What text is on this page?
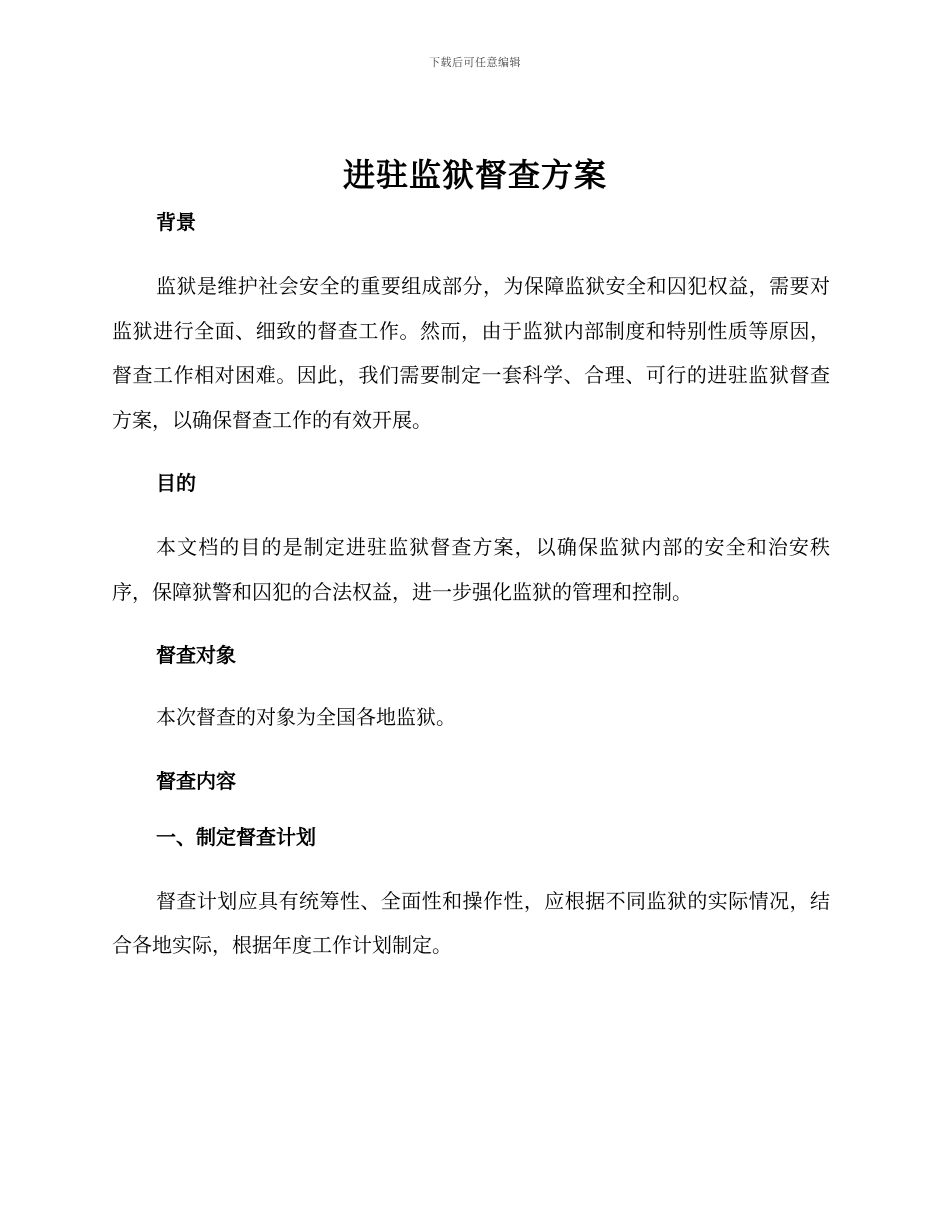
下载后可任意编辑
进驻监狱督查方案
背景

监狱是维护社会安全的重要组成部分，为保障监狱安全和囚犯权益，需要对监狱进行全面、细致的督查工作。然而，由于监狱内部制度和特别性质等原因，督查工作相对困难。因此，我们需要制定一套科学、合理、可行的进驻监狱督查方案，以确保督查工作的有效开展。

目的

本文档的目的是制定进驻监狱督查方案，以确保监狱内部的安全和治安秩序，保障狱警和囚犯的合法权益，进一步强化监狱的管理和控制。

督查对象

本次督查的对象为全国各地监狱。

督查内容
一、制定督查计划

督查计划应具有统筹性、全面性和操作性，应根据不同监狱的实际情况，结合各地实际，根据年度工作计划制定。
